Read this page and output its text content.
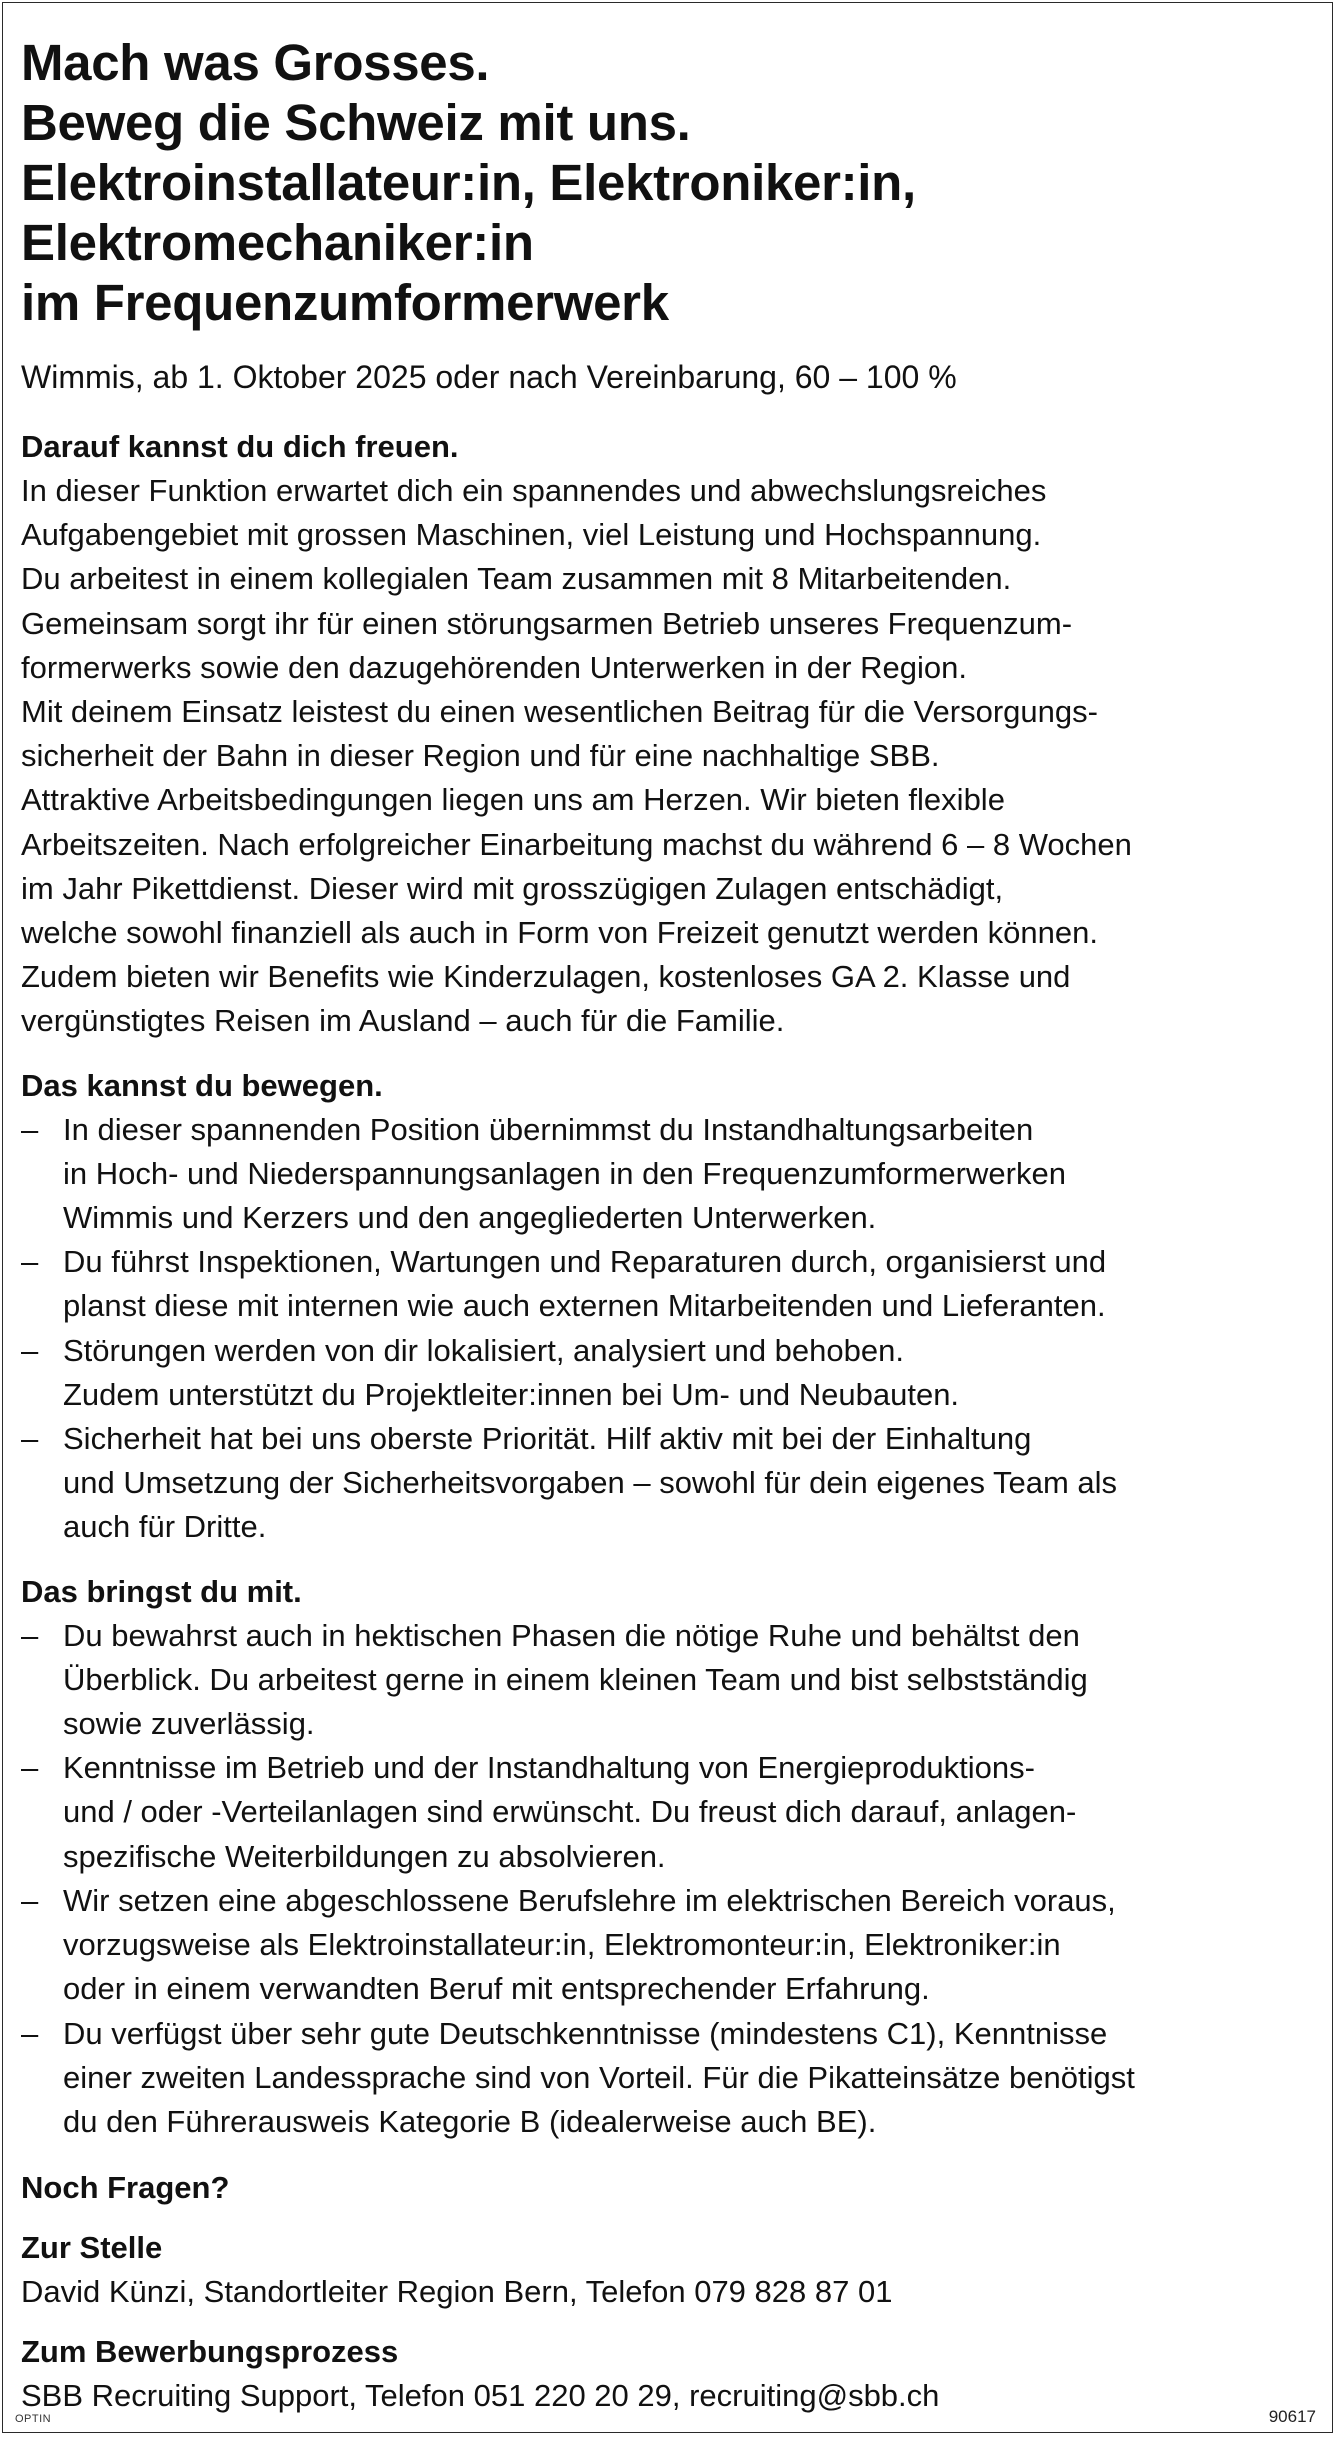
Mach was Grosses.
Beweg die Schweiz mit uns.
Elektroinstallateur:in, Elektroniker:in,
Elektromechaniker:in
im Frequenzumformerwerk
Wimmis, ab 1. Oktober 2025 oder nach Vereinbarung, 60 – 100 %
Darauf kannst du dich freuen.
In dieser Funktion erwartet dich ein spannendes und abwechslungsreiches
Aufgabengebiet mit grossen Maschinen, viel Leistung und Hochspannung.
Du arbeitest in einem kollegialen Team zusammen mit 8 Mitarbeitenden.
Gemeinsam sorgt ihr für einen störungsarmen Betrieb unseres Frequenzum-
formerwerks sowie den dazugehörenden Unterwerken in der Region.
Mit deinem Einsatz leistest du einen wesentlichen Beitrag für die Versorgungs-
sicherheit der Bahn in dieser Region und für eine nachhaltige SBB.
Attraktive Arbeitsbedingungen liegen uns am Herzen. Wir bieten flexible
Arbeitszeiten. Nach erfolgreicher Einarbeitung machst du während 6 – 8 Wochen
im Jahr Pikettdienst. Dieser wird mit grosszügigen Zulagen entschädigt,
welche sowohl finanziell als auch in Form von Freizeit genutzt werden können.
Zudem bieten wir Benefits wie Kinderzulagen, kostenloses GA 2. Klasse und
vergünstigtes Reisen im Ausland – auch für die Familie.
Das kannst du bewegen.
– In dieser spannenden Position übernimmst du Instandhaltungsarbeiten
in Hoch- und Niederspannungsanlagen in den Frequenzumformerwerken
Wimmis und Kerzers und den angegliederten Unterwerken.
– Du führst Inspektionen, Wartungen und Reparaturen durch, organisierst und
planst diese mit internen wie auch externen Mitarbeitenden und Lieferanten.
– Störungen werden von dir lokalisiert, analysiert und behoben.
Zudem unterstützt du Projektleiter:innen bei Um- und Neubauten.
– Sicherheit hat bei uns oberste Priorität. Hilf aktiv mit bei der Einhaltung
und Umsetzung der Sicherheitsvorgaben – sowohl für dein eigenes Team als
auch für Dritte.
Das bringst du mit.
– Du bewahrst auch in hektischen Phasen die nötige Ruhe und behältst den
Überblick. Du arbeitest gerne in einem kleinen Team und bist selbstständig
sowie zuverlässig.
– Kenntnisse im Betrieb und der Instandhaltung von Energieproduktions-
und / oder -Verteilanlagen sind erwünscht. Du freust dich darauf, anlagen-
spezifische Weiterbildungen zu absolvieren.
– Wir setzen eine abgeschlossene Berufslehre im elektrischen Bereich voraus,
vorzugsweise als Elektroinstallateur:in, Elektromonteur:in, Elektroniker:in
oder in einem verwandten Beruf mit entsprechender Erfahrung.
– Du verfügst über sehr gute Deutschkenntnisse (mindestens C1), Kenntnisse
einer zweiten Landessprache sind von Vorteil. Für die Pikatteinsätze benötigst
du den Führerausweis Kategorie B (idealerweise auch BE).
Noch Fragen?
Zur Stelle
David Künzi, Standortleiter Region Bern, Telefon 079 828 87 01
Zum Bewerbungsprozess
SBB Recruiting Support, Telefon 051 220 20 29, recruiting@sbb.ch
OPTIN	90617
